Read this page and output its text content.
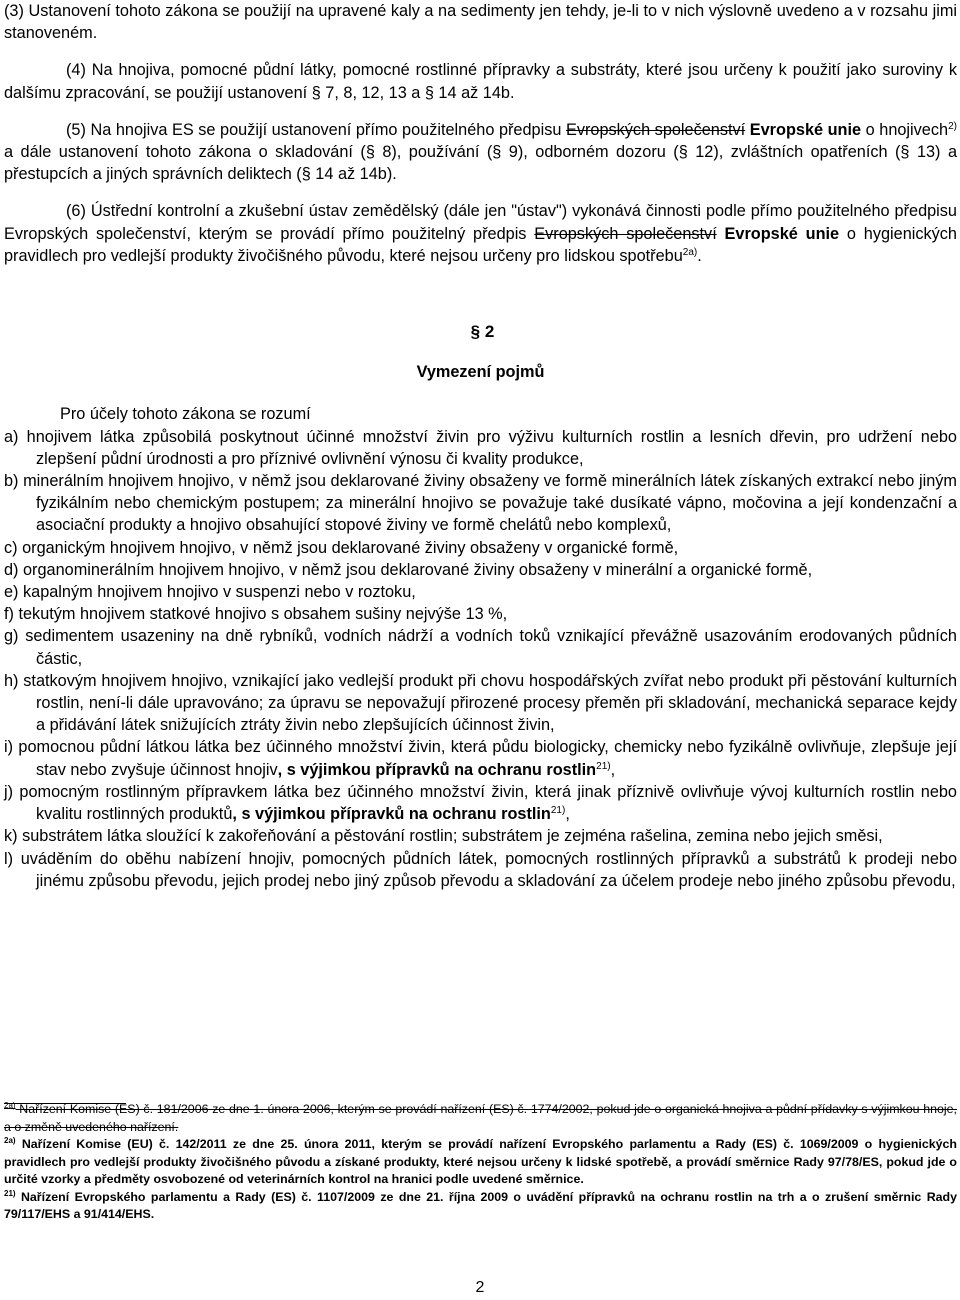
(3) Ustanovení tohoto zákona se použijí na upravené kaly a na sedimenty jen tehdy, je-li to v nich výslovně uvedeno a v rozsahu jimi stanoveném.

(4) Na hnojiva, pomocné půdní látky, pomocné rostlinné přípravky a substráty, které jsou určeny k použití jako suroviny k dalšímu zpracování, se použijí ustanovení § 7, 8, 12, 13 a § 14 až 14b.

(5) Na hnojiva ES se použijí ustanovení přímo použitelného předpisu Evropských společenství Evropské unie o hnojivech$^{2)}$ a dále ustanovení tohoto zákona o skladování (§ 8), používání (§ 9), odborném dozoru (§ 12), zvláštních opatřeních (§ 13) a přestupcích a jiných správních deliktech (§ 14 až 14b).

(6) Ústřední kontrolní a zkušební ústav zemědělský (dále jen "ústav") vykonává činnosti podle přímo použitelného předpisu Evropských společenství, kterým se provádí přímo použitelný předpis Evropských společenství Evropské unie o hygienických pravidlech pro vedlejší produkty živočišného původu, které nejsou určeny pro lidskou spotřebu$^{2a)}$.

§ 2
Vymezení pojmů

Pro účely tohoto zákona se rozumí

a) hnojivem látka způsobilá poskytnout účinné množství živin pro výživu kulturních rostlin a lesních dřevin, pro udržení nebo zlepšení půdní úrodnosti a pro příznivé ovlivnění výnosu či kvality produkce,
b) minerálním hnojivem hnojivo, v němž jsou deklarované živiny obsaženy ve formě minerálních látek získaných extrakcí nebo jiným fyzikálním nebo chemickým postupem; za minerální hnojivo se považuje také dusíkaté vápno, močovina a její kondenzační a asociační produkty a hnojivo obsahující stopové živiny ve formě chelátů nebo komplexů,
c) organickým hnojivem hnojivo, v němž jsou deklarované živiny obsaženy v organické formě,
d) organominerálním hnojivem hnojivo, v němž jsou deklarované živiny obsaženy v minerální a organické formě,
e) kapalným hnojivem hnojivo v suspenzi nebo v roztoku,
f) tekutým hnojivem statkové hnojivo s obsahem sušiny nejvýše 13 %,
g) sedimentem usazeniny na dně rybníků, vodních nádrží a vodních toků vznikající převážně usazováním erodovaných půdních částic,
h) statkovým hnojivem hnojivo, vznikající jako vedlejší produkt při chovu hospodářských zvířat nebo produkt při pěstování kulturních rostlin, není-li dále upravováno; za úpravu se nepovažují přirozené procesy přeměn při skladování, mechanická separace kejdy a přidávání látek snižujících ztráty živin nebo zlepšujících účinnost živin,
i) pomocnou půdní látkou látka bez účinného množství živin, která půdu biologicky, chemicky nebo fyzikálně ovlivňuje, zlepšuje její stav nebo zvyšuje účinnost hnojiv, s výjimkou přípravků na ochranu rostlin$^{21)}$,
j) pomocným rostlinným přípravkem látka bez účinného množství živin, která jinak příznivě ovlivňuje vývoj kulturních rostlin nebo kvalitu rostlinných produktů, s výjimkou přípravků na ochranu rostlin$^{21)}$,
k) substrátem látka sloužící k zakořeňování a pěstování rostlin; substrátem je zejména rašelina, zemina nebo jejich směsi,
l) uváděním do oběhu nabízení hnojiv, pomocných půdních látek, pomocných rostlinných přípravků a substrátů k prodeji nebo jinému způsobu převodu, jejich prodej nebo jiný způsob převodu a skladování za účelem prodeje nebo jiného způsobu převodu,

$^{2a)}$ Nařízení Komise (ES) č. 181/2006 ze dne 1. února 2006, kterým se provádí nařízení (ES) č. 1774/2002, pokud jde o organická hnojiva a půdní přídavky s výjimkou hnoje, a o změně uvedeného nařízení.

$^{2a)}$ Nařízení Komise (EU) č. 142/2011 ze dne 25. února 2011, kterým se provádí nařízení Evropského parlamentu a Rady (ES) č. 1069/2009 o hygienických pravidlech pro vedlejší produkty živočišného původu a získané produkty, které nejsou určeny k lidské spotřebě, a provádí směrnice Rady 97/78/ES, pokud jde o určité vzorky a předměty osvobozené od veterinárních kontrol na hranici podle uvedené směrnice.

$^{21)}$ Nařízení Evropského parlamentu a Rady (ES) č. 1107/2009 ze dne 21. října 2009 o uvádění přípravků na ochranu rostlin na trh a o zrušení směrnic Rady 79/117/EHS a 91/414/EHS.

2
